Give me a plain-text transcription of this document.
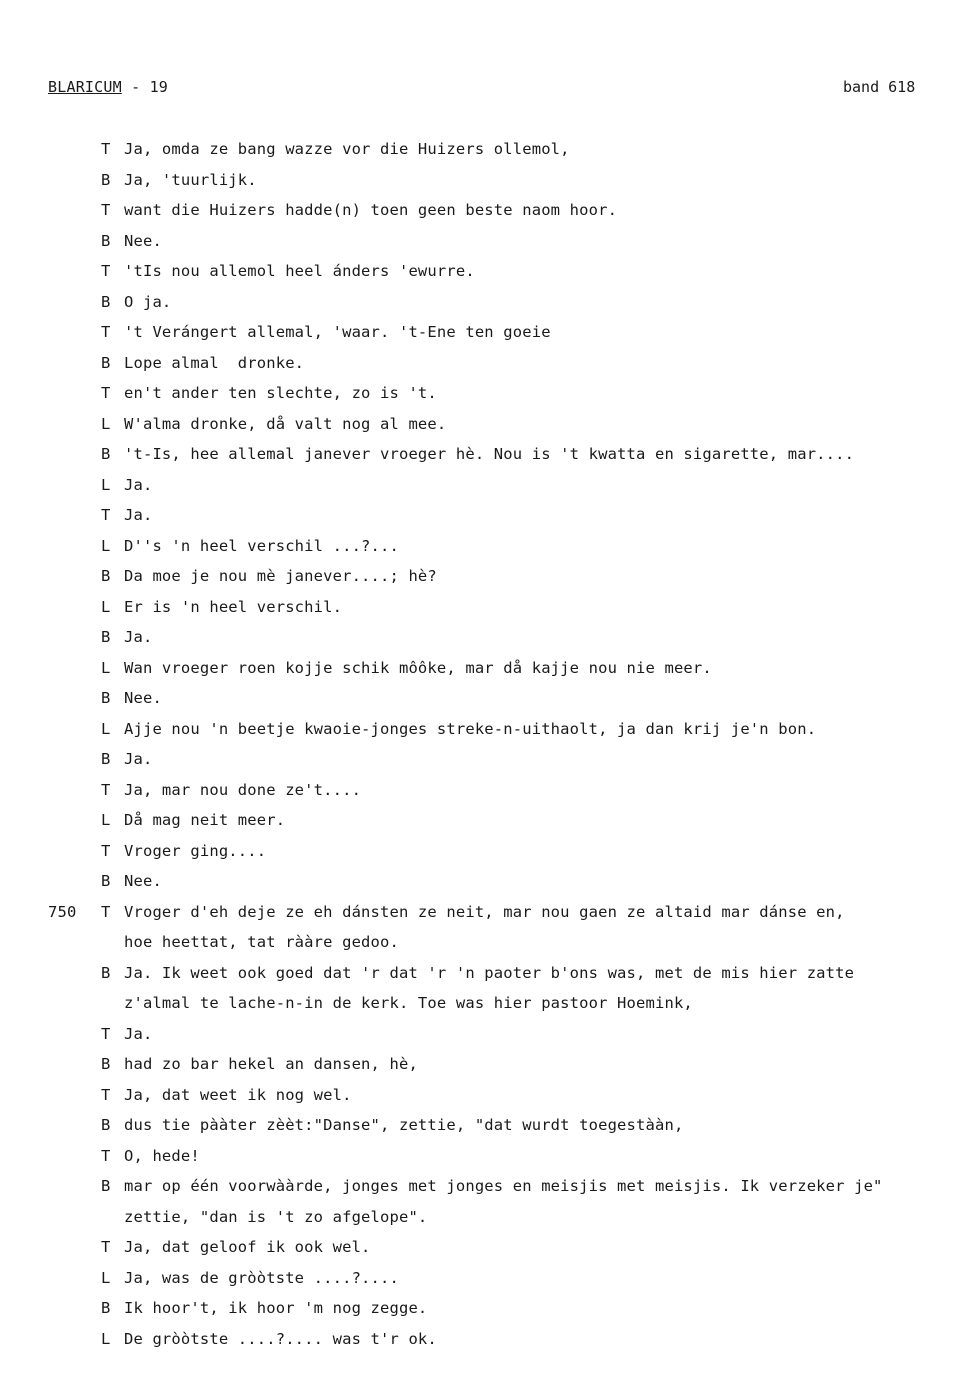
BLARICUM - 19	band 618
T Ja, omda ze bang wazze vor die Huizers ollemol,
B Ja, 'tuurlijk.
T want die Huizers hadde(n) toen geen beste naom hoor.
B Nee.
T 'tIs nou allemol heel ánders 'ewurre.
B O ja.
T 't Verángert allemal, 'waar. 't-Ene ten goeie
B Lope almal  dronke.
T en't ander ten slechte, zo is 't.
L W'alma dronke, då valt nog al mee.
B 't-Is, hee allemal janever vroeger hè. Nou is 't kwatta en sigarette, mar....
L Ja.
T Ja.
L D''s 'n heel verschil ...?...
B Da moe je nou mè janever....; hè?
L Er is 'n heel verschil.
B Ja.
L Wan vroeger roen kojje schik môôke, mar då kajje nou nie meer.
B Nee.
L Ajje nou 'n beetje kwaoie-jonges streke-n-uithaolt, ja dan krij je'n bon.
B Ja.
T Ja, mar nou done ze't....
L Då mag neit meer.
T Vroger ging....
B Nee.
750 T Vroger d'eh deje ze eh dánsten ze neit, mar nou gaen ze altaid mar dánse en,
hoe heettat, tat rààre gedoo.
B Ja. Ik weet ook goed dat 'r dat 'r 'n paoter b'ons was, met de mis hier zatte
z'almal te lache-n-in de kerk. Toe was hier pastoor Hoemink,
T Ja.
B had zo bar hekel an dansen, hè,
T Ja, dat weet ik nog wel.
B dus tie pààter zèèt:"Danse", zettie, "dat wurdt toegestààn,
T O, hede!
B mar op één voorwààrde, jonges met jonges en meisjis met meisjis. Ik verzeker je"
zettie, "dan is 't zo afgelope".
T Ja, dat geloof ik ook wel.
L Ja, was de gròòtste ....?....
B Ik hoor't, ik hoor 'm nog zegge.
L De gròòtste ....?.... was t'r ok.
